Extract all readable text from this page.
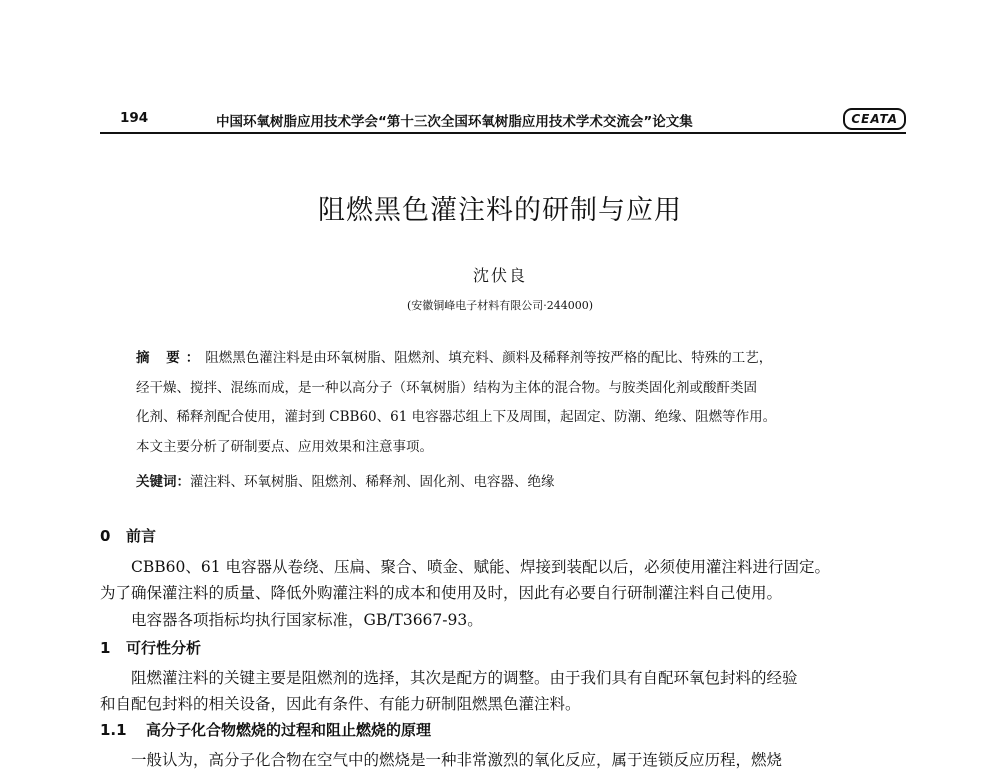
194	中国环氧树脂应用技术学会“第十三次全国环氧树脂应用技术学术交流会”论文集	CEATA
阻燃黑色灌注料的研制与应用
沈伏良
(安徽铜峰电子材料有限公司·244000)
摘 要：阻燃黑色灌注料是由环氧树脂、阻燃剂、填充料、颜料及稀释剂等按严格的配比、特殊的工艺，
经干燥、搅拌、混练而成，是一种以高分子（环氧树脂）结构为主体的混合物。与胺类固化剂或酸酐类固
化剂、稀释剂配合使用，灌封到 CBB60、61 电容器芯组上下及周围，起固定、防潮、绝缘、阻燃等作用。
本文主要分析了研制要点、应用效果和注意事项。
关键词：灌注料、环氧树脂、阻燃剂、稀释剂、固化剂、电容器、绝缘
0 前言
CBB60、61 电容器从卷绕、压扁、聚合、喷金、赋能、焊接到装配以后，必须使用灌注料进行固定。
为了确保灌注料的质量、降低外购灌注料的成本和使用及时，因此有必要自行研制灌注料自己使用。
电容器各项指标均执行国家标准，GB/T3667-93。
1 可行性分析
阻燃灌注料的关键主要是阻燃剂的选择，其次是配方的调整。由于我们具有自配环氧包封料的经验
和自配包封料的相关设备，因此有条件、有能力研制阻燃黑色灌注料。
1.1 高分子化合物燃烧的过程和阻止燃烧的原理
一般认为，高分子化合物在空气中的燃烧是一种非常激烈的氧化反应，属于连锁反应历程，燃烧
